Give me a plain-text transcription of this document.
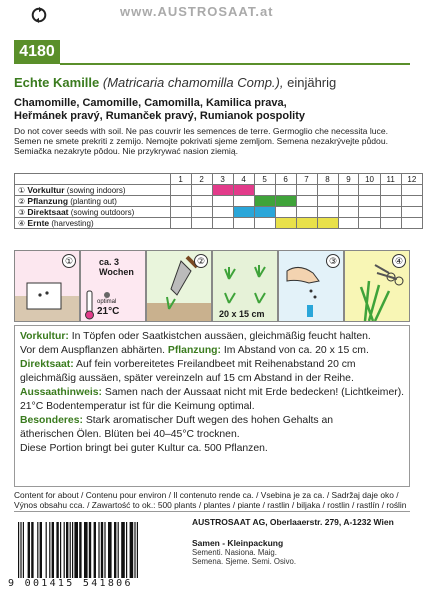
www.AUSTROSAAT.at
4180
Echte Kamille (Matricaria chamomilla Comp.), einjährig
Chamomille, Camomille, Camomilla, Kamilica prava,
Heřmánek pravý, Rumanček pravý, Rumianok pospolity
Do not cover seeds with soil. Ne pas couvrir les semences de terre. Germoglio che necessita luce.
Semen ne smete prekriti z zemijo. Nemojte pokrivati sjeme zemljom. Semena nezakrývejte půdou.
Semiačka nezakryte pôdou. Nie przykrywać nasion ziemią.
	1	2	3	4	5	6	7	8	9	10	11	12
① Vorkultur (sowing indoors)												
② Pflanzung (planting out)												
③ Direktsaat (sowing outdoors)												
④ Ernte (harvesting)												
①	ca. 3
Wochen
optimal
21°C
②
20 x 15 cm
③	④

Vorkultur: In Töpfen oder Saatkistchen aussäen, gleichmäßig feucht halten.

Vor dem Auspflanzen abhärten. Pflanzung: Im Abstand von ca. 20 x 15 cm.

Direktsaat: Auf fein vorbereitetes Freilandbeet mit Reihenabstand 20 cm

gleichmäßig aussäen, später vereinzeln auf 15 cm Abstand in der Reihe.

Aussaathinweis: Samen nach der Aussaat nicht mit Erde bedecken! (Lichtkeimer).

21°C Bodentemperatur ist für die Keimung optimal.

Besonderes: Stark aromatischer Duft wegen des hohen Gehalts an

ätherischen Ölen. Blüten bei 40–45°C trocknen.

Diese Portion bringt bei guter Kultur ca. 500 Pflanzen.

Content for about / Contenu pour environ / Il contenuto rende ca. / Vsebina je za ca. / Sadržaj daje oko /
Výnos obsahu cca. / Zawartość to ok.: 500 plants / plantes / piante / rastlin / biljaka / rostlin / rastlín / roślin
AUSTROSAAT AG, Oberlaaerstr. 279, A-1232 Wien
Samen - Kleinpackung
Sementi. Nasiona. Maig.
Semena. Sjeme. Semi. Osivo.
9 001415 541806
